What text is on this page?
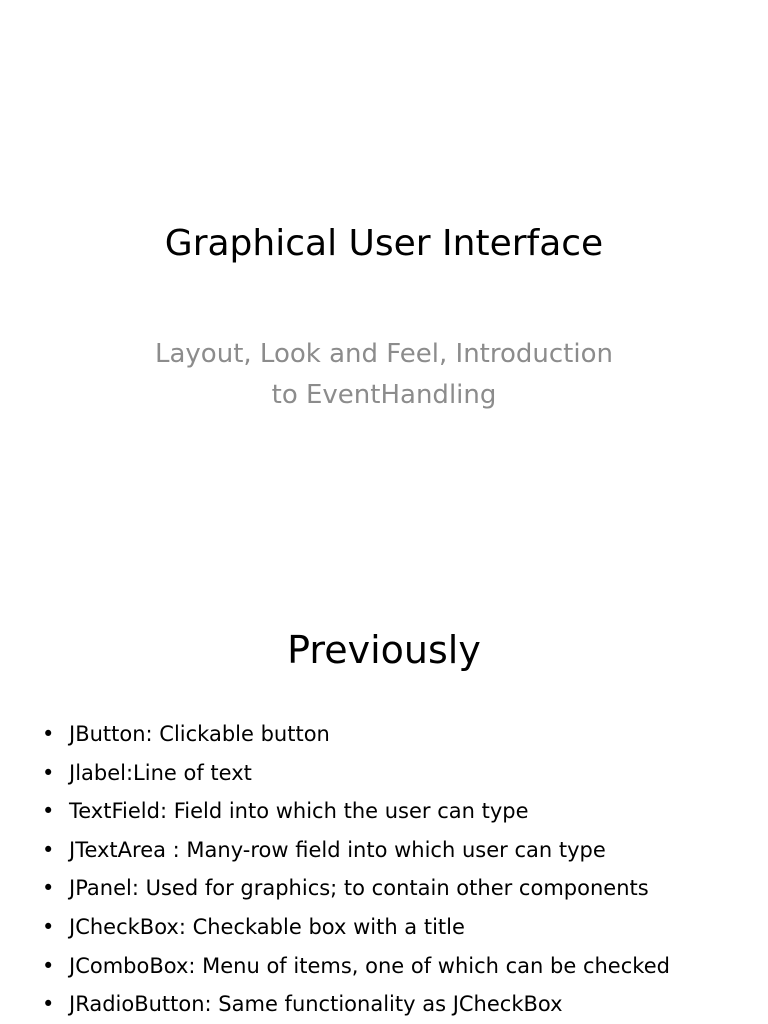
Graphical User Interface
Layout, Look and Feel, Introduction
to EventHandling
Previously
• JButton: Clickable button
• Jlabel:Line of text
• TextField: Field into which the user can type
• JTextArea : Many-row field into which user can type
• JPanel: Used for graphics; to contain other components
• JCheckBox: Checkable box with a title
• JComboBox: Menu of items, one of which can be checked
• JRadioButton: Same functionality as JCheckBox
